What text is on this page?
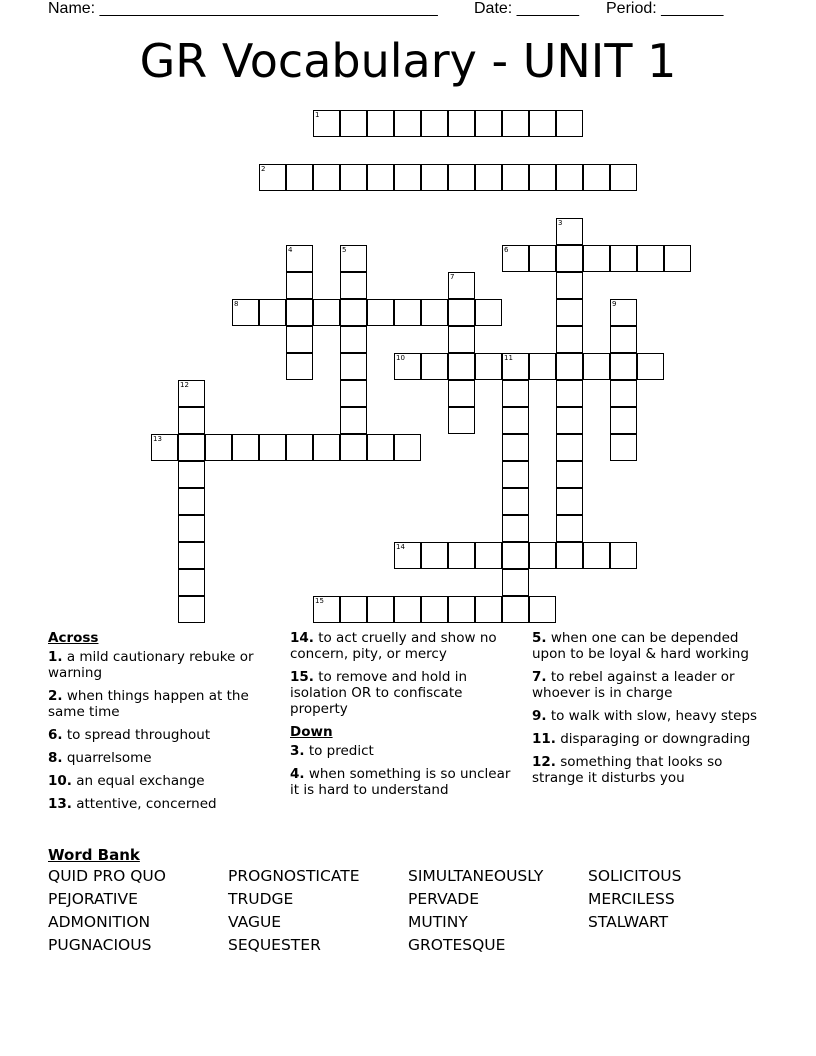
Name: ______________________________________ Date: _______ Period: _______
GR Vocabulary - UNIT 1
1
2
3
4	5	6
7
8	9
10	11
12
13
14
15
Across
1. a mild cautionary rebuke or warning
2. when things happen at the same time
6. to spread throughout
8. quarrelsome
10. an equal exchange
13. attentive, concerned
14. to act cruelly and show no concern, pity, or mercy
15. to remove and hold in isolation OR to confiscate property
Down
3. to predict
4. when something is so unclear it is hard to understand
5. when one can be depended upon to be loyal & hard working
7. to rebel against a leader or whoever is in charge
9. to walk with slow, heavy steps
11. disparaging or downgrading
12. something that looks so strange it disturbs you
Word Bank
QUID PRO QUO
PEJORATIVE
ADMONITION
PUGNACIOUS
PROGNOSTICATE
TRUDGE
VAGUE
SEQUESTER
SIMULTANEOUSLY
PERVADE
MUTINY
GROTESQUE
SOLICITOUS
MERCILESS
STALWART
